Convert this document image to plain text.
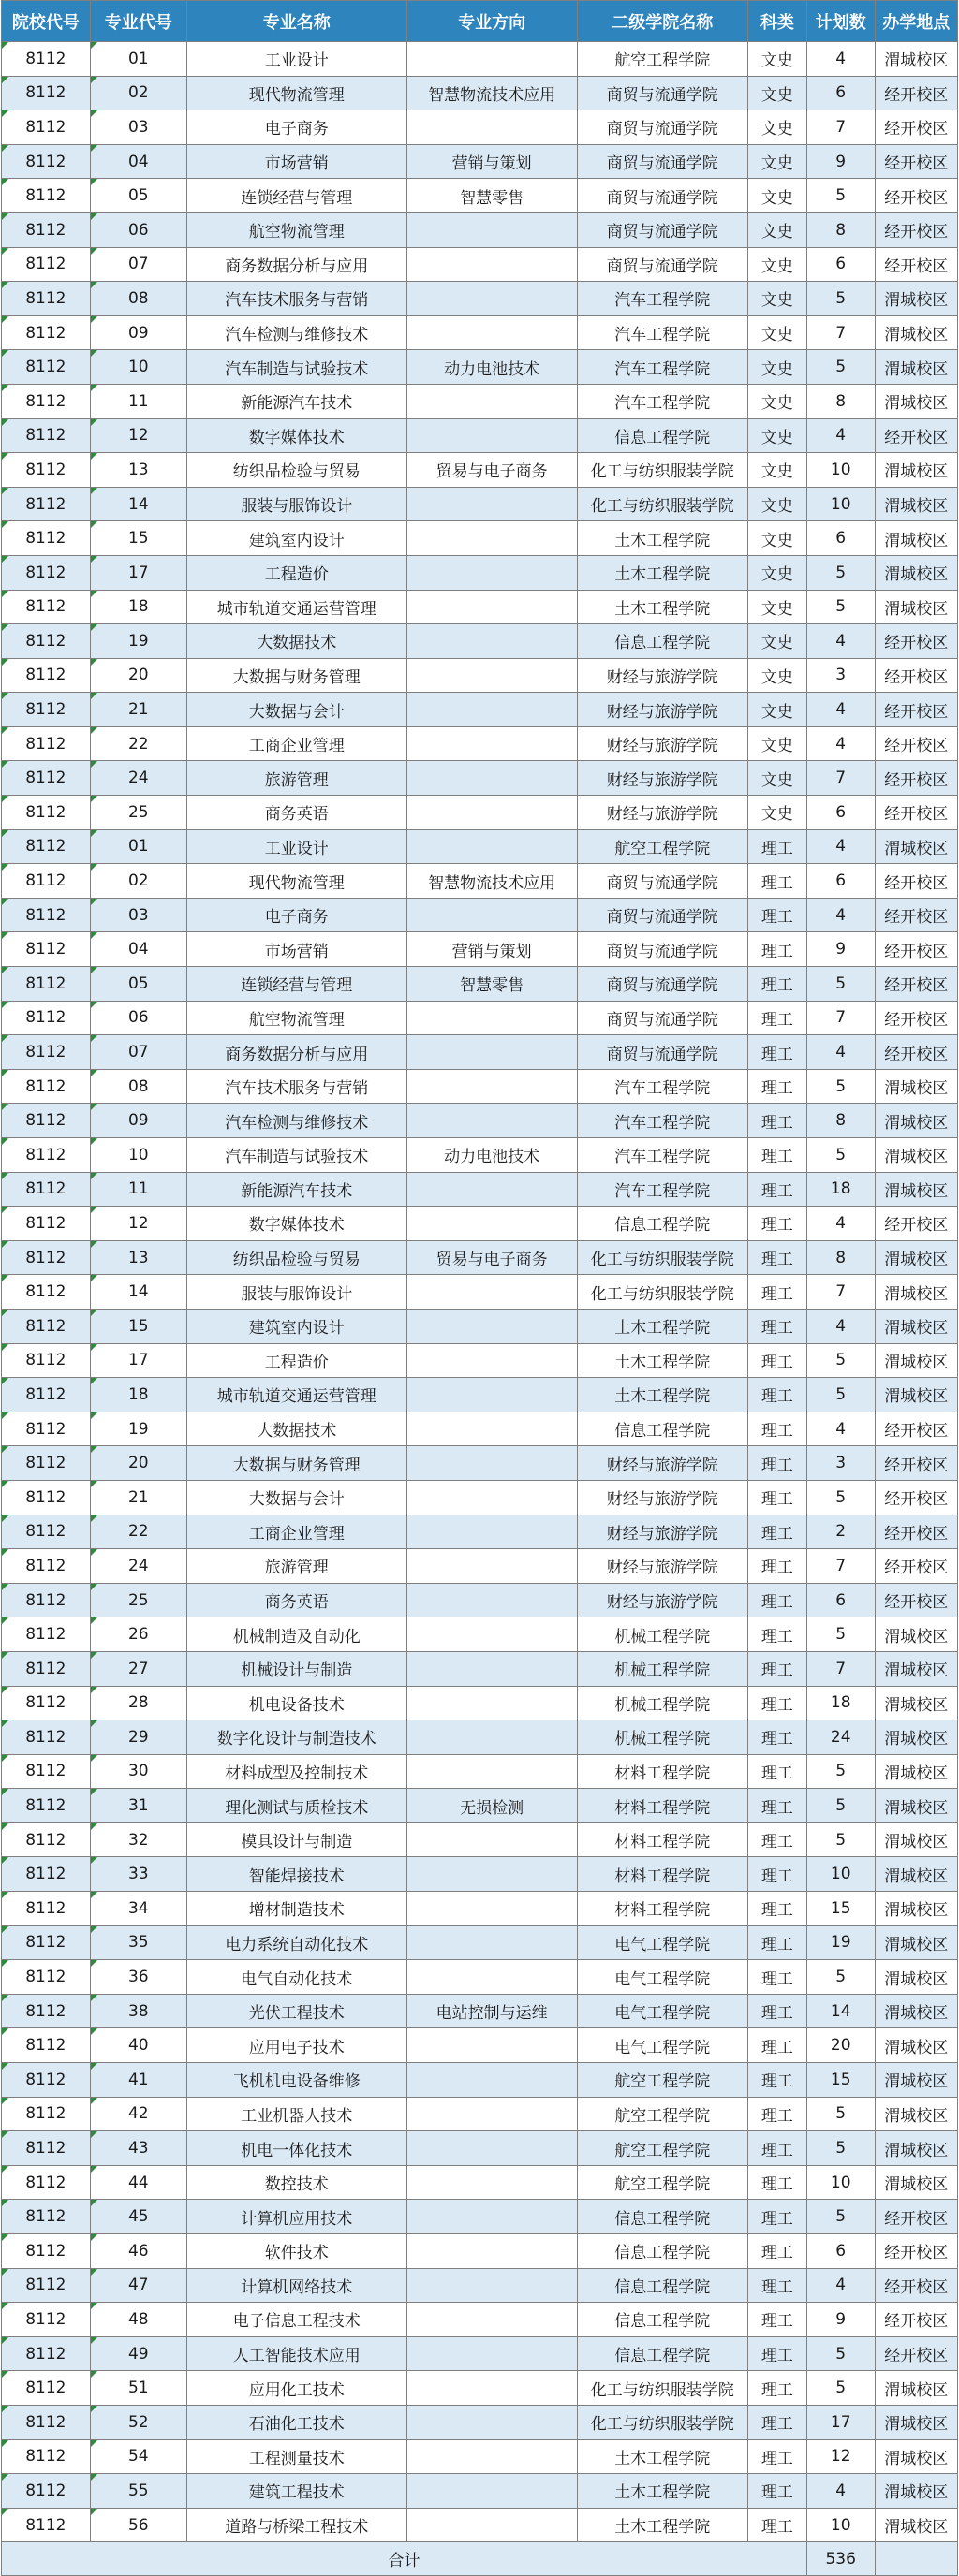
院校代号	专业代号	专业名称	专业方向	二级学院名称	科类	计划数	办学地点
8112	01	工业设计		航空工程学院	文史	4	渭城校区
8112	02	现代物流管理	智慧物流技术应用	商贸与流通学院	文史	6	经开校区
8112	03	电子商务		商贸与流通学院	文史	7	经开校区
8112	04	市场营销	营销与策划	商贸与流通学院	文史	9	经开校区
8112	05	连锁经营与管理	智慧零售	商贸与流通学院	文史	5	经开校区
8112	06	航空物流管理		商贸与流通学院	文史	8	经开校区
8112	07	商务数据分析与应用		商贸与流通学院	文史	6	经开校区
8112	08	汽车技术服务与营销		汽车工程学院	文史	5	渭城校区
8112	09	汽车检测与维修技术		汽车工程学院	文史	7	渭城校区
8112	10	汽车制造与试验技术	动力电池技术	汽车工程学院	文史	5	渭城校区
8112	11	新能源汽车技术		汽车工程学院	文史	8	渭城校区
8112	12	数字媒体技术		信息工程学院	文史	4	经开校区
8112	13	纺织品检验与贸易	贸易与电子商务	化工与纺织服装学院	文史	10	渭城校区
8112	14	服装与服饰设计		化工与纺织服装学院	文史	10	渭城校区
8112	15	建筑室内设计		土木工程学院	文史	6	渭城校区
8112	17	工程造价		土木工程学院	文史	5	渭城校区
8112	18	城市轨道交通运营管理		土木工程学院	文史	5	渭城校区
8112	19	大数据技术		信息工程学院	文史	4	经开校区
8112	20	大数据与财务管理		财经与旅游学院	文史	3	经开校区
8112	21	大数据与会计		财经与旅游学院	文史	4	经开校区
8112	22	工商企业管理		财经与旅游学院	文史	4	经开校区
8112	24	旅游管理		财经与旅游学院	文史	7	经开校区
8112	25	商务英语		财经与旅游学院	文史	6	经开校区
8112	01	工业设计		航空工程学院	理工	4	渭城校区
8112	02	现代物流管理	智慧物流技术应用	商贸与流通学院	理工	6	经开校区
8112	03	电子商务		商贸与流通学院	理工	4	经开校区
8112	04	市场营销	营销与策划	商贸与流通学院	理工	9	经开校区
8112	05	连锁经营与管理	智慧零售	商贸与流通学院	理工	5	经开校区
8112	06	航空物流管理		商贸与流通学院	理工	7	经开校区
8112	07	商务数据分析与应用		商贸与流通学院	理工	4	经开校区
8112	08	汽车技术服务与营销		汽车工程学院	理工	5	渭城校区
8112	09	汽车检测与维修技术		汽车工程学院	理工	8	渭城校区
8112	10	汽车制造与试验技术	动力电池技术	汽车工程学院	理工	5	渭城校区
8112	11	新能源汽车技术		汽车工程学院	理工	18	渭城校区
8112	12	数字媒体技术		信息工程学院	理工	4	经开校区
8112	13	纺织品检验与贸易	贸易与电子商务	化工与纺织服装学院	理工	8	渭城校区
8112	14	服装与服饰设计		化工与纺织服装学院	理工	7	渭城校区
8112	15	建筑室内设计		土木工程学院	理工	4	渭城校区
8112	17	工程造价		土木工程学院	理工	5	渭城校区
8112	18	城市轨道交通运营管理		土木工程学院	理工	5	渭城校区
8112	19	大数据技术		信息工程学院	理工	4	经开校区
8112	20	大数据与财务管理		财经与旅游学院	理工	3	经开校区
8112	21	大数据与会计		财经与旅游学院	理工	5	经开校区
8112	22	工商企业管理		财经与旅游学院	理工	2	经开校区
8112	24	旅游管理		财经与旅游学院	理工	7	经开校区
8112	25	商务英语		财经与旅游学院	理工	6	经开校区
8112	26	机械制造及自动化		机械工程学院	理工	5	渭城校区
8112	27	机械设计与制造		机械工程学院	理工	7	渭城校区
8112	28	机电设备技术		机械工程学院	理工	18	渭城校区
8112	29	数字化设计与制造技术		机械工程学院	理工	24	渭城校区
8112	30	材料成型及控制技术		材料工程学院	理工	5	渭城校区
8112	31	理化测试与质检技术	无损检测	材料工程学院	理工	5	渭城校区
8112	32	模具设计与制造		材料工程学院	理工	5	渭城校区
8112	33	智能焊接技术		材料工程学院	理工	10	渭城校区
8112	34	增材制造技术		材料工程学院	理工	15	渭城校区
8112	35	电力系统自动化技术		电气工程学院	理工	19	渭城校区
8112	36	电气自动化技术		电气工程学院	理工	5	渭城校区
8112	38	光伏工程技术	电站控制与运维	电气工程学院	理工	14	渭城校区
8112	40	应用电子技术		电气工程学院	理工	20	渭城校区
8112	41	飞机机电设备维修		航空工程学院	理工	15	渭城校区
8112	42	工业机器人技术		航空工程学院	理工	5	渭城校区
8112	43	机电一体化技术		航空工程学院	理工	5	渭城校区
8112	44	数控技术		航空工程学院	理工	10	渭城校区
8112	45	计算机应用技术		信息工程学院	理工	5	经开校区
8112	46	软件技术		信息工程学院	理工	6	经开校区
8112	47	计算机网络技术		信息工程学院	理工	4	经开校区
8112	48	电子信息工程技术		信息工程学院	理工	9	经开校区
8112	49	人工智能技术应用		信息工程学院	理工	5	经开校区
8112	51	应用化工技术		化工与纺织服装学院	理工	5	渭城校区
8112	52	石油化工技术		化工与纺织服装学院	理工	17	渭城校区
8112	54	工程测量技术		土木工程学院	理工	12	渭城校区
8112	55	建筑工程技术		土木工程学院	理工	4	渭城校区
8112	56	道路与桥梁工程技术		土木工程学院	理工	10	渭城校区
合计						536	
